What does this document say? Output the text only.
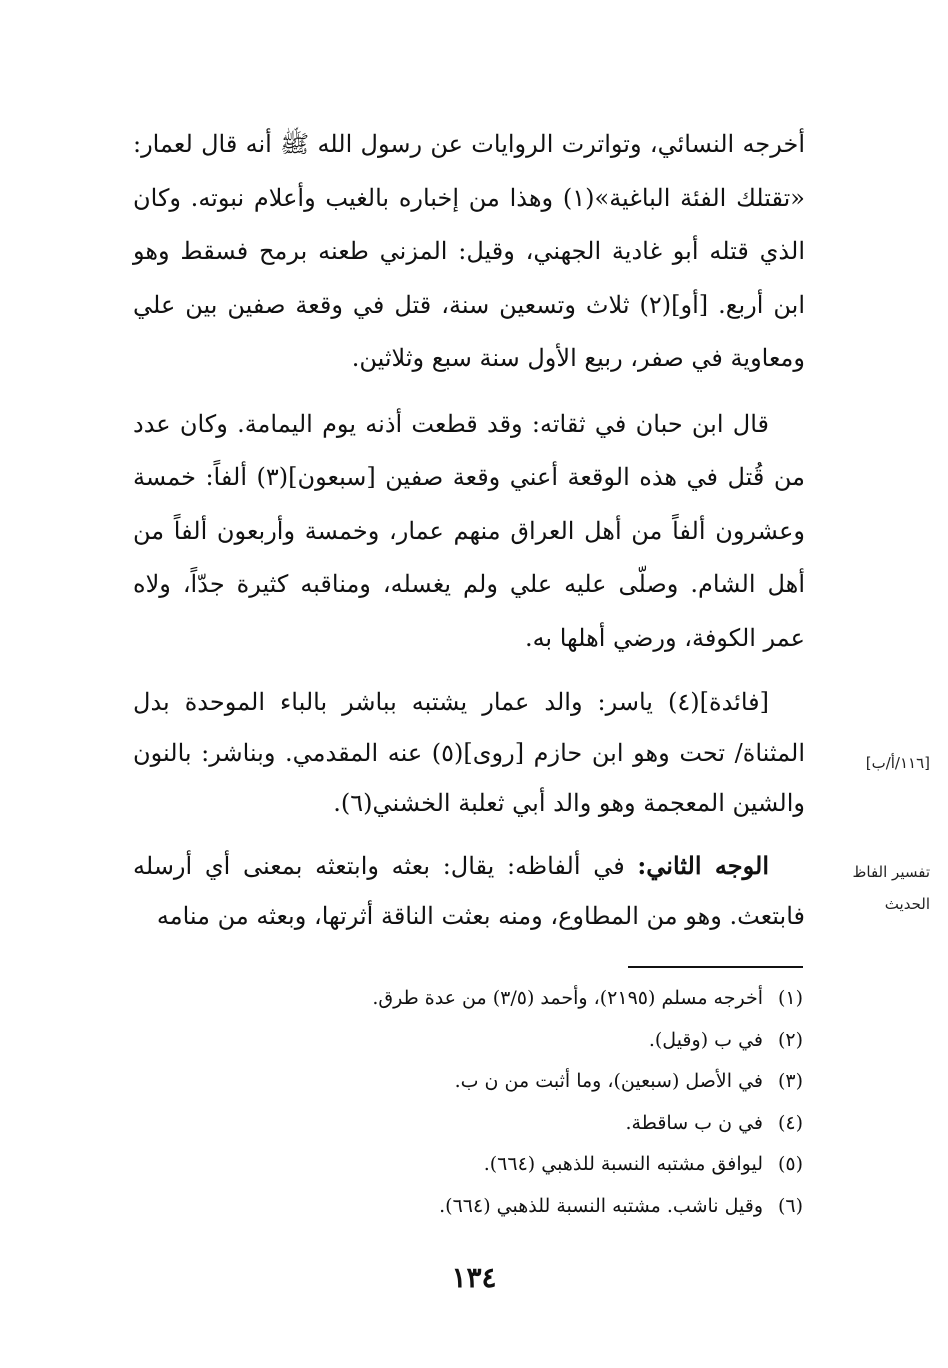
أخرجه النسائي، وتواترت الروايات عن رسول الله ﷺ أنه قال لعمار: «تقتلك الفئة الباغية»(١) وهذا من إخباره بالغيب وأعلام نبوته. وكان الذي قتله أبو غادية الجهني، وقيل: المزني طعنه برمح فسقط وهو ابن أربع. [أو](٢) ثلاث وتسعين سنة، قتل في وقعة صفين بين علي ومعاوية في صفر، ربيع الأول سنة سبع وثلاثين.

قال ابن حبان في ثقاته: وقد قطعت أذنه يوم اليمامة. وكان عدد من قُتل في هذه الوقعة أعني وقعة صفين [سبعون](٣) ألفاً: خمسة وعشرون ألفاً من أهل العراق منهم عمار، وخمسة وأربعون ألفاً من أهل الشام. وصلّى عليه علي ولم يغسله، ومناقبه كثيرة جدّاً، ولاه عمر الكوفة، ورضي أهلها به.

[فائدة](٤) ياسر: والد عمار يشتبه بباشر بالباء الموحدة بدل المثناة/ تحت وهو ابن حازم [روى](٥) عنه المقدمي. وبناشر: بالنون والشين المعجمة وهو والد أبي ثعلبة الخشني(٦).

الوجه الثاني: في ألفاظه: يقال: بعثه وابتعثه بمعنى أي أرسله فابتعث. وهو من المطاوع، ومنه بعثت الناقة أثرتها، وبعثه من منامه

[١١٦/أ/ب]
تفسير الفاظ
الحديث
(١)أخرجه مسلم (٢١٩٥)، وأحمد (٣/٥) من عدة طرق.
(٢)في ب (وقيل).
(٣)في الأصل (سبعين)، وما أثبت من ن ب.
(٤)في ن ب ساقطة.
(٥)ليوافق مشتبه النسبة للذهبي (٦٦٤).
(٦)وقيل ناشب. مشتبه النسبة للذهبي (٦٦٤).
١٣٤
